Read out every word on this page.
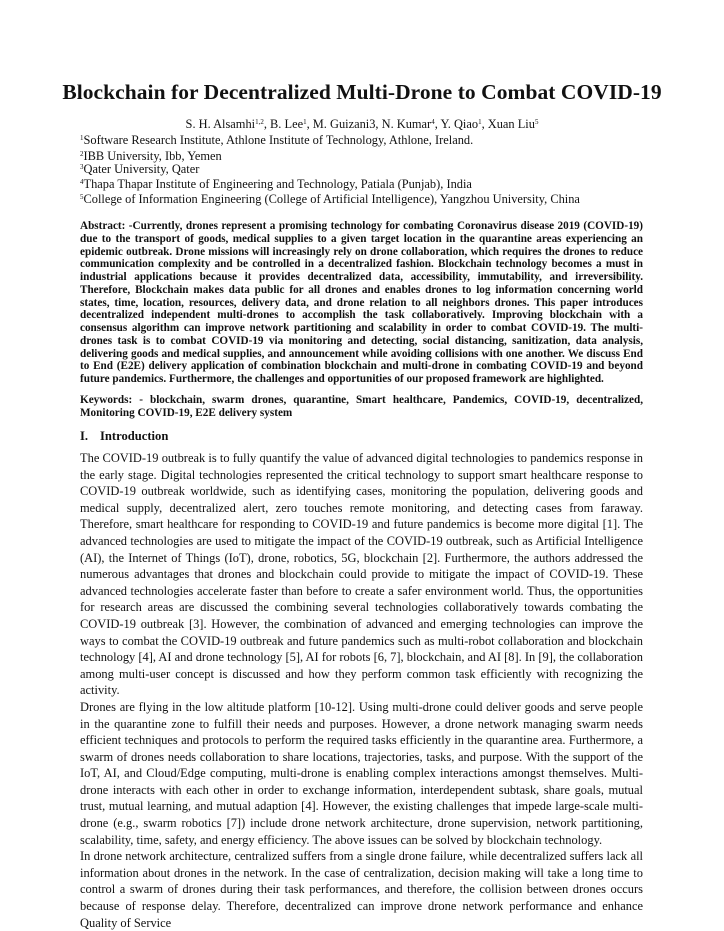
Blockchain for Decentralized Multi-Drone to Combat COVID-19
S. H. Alsamhi$^{1,2}$, B. Lee$^1$, M. Guizani3, N. Kumar$^4$, Y. Qiao$^1$, Xuan Liu$^5$
$^1$Software Research Institute, Athlone Institute of Technology, Athlone, Ireland.
$^2$IBB University, Ibb, Yemen
$^3$Qater University, Qater
$^4$Thapa Thapar Institute of Engineering and Technology, Patiala (Punjab), India
$^5$College of Information Engineering (College of Artificial Intelligence), Yangzhou University, China
Abstract: -Currently, drones represent a promising technology for combating Coronavirus disease 2019 (COVID-19) due to the transport of goods, medical supplies to a given target location in the quarantine areas experiencing an epidemic outbreak. Drone missions will increasingly rely on drone collaboration, which requires the drones to reduce communication complexity and be controlled in a decentralized fashion. Blockchain technology becomes a must in industrial applications because it provides decentralized data, accessibility, immutability, and irreversibility. Therefore, Blockchain makes data public for all drones and enables drones to log information concerning world states, time, location, resources, delivery data, and drone relation to all neighbors drones. This paper introduces decentralized independent multi-drones to accomplish the task collaboratively. Improving blockchain with a consensus algorithm can improve network partitioning and scalability in order to combat COVID-19. The multi-drones task is to combat COVID-19 via monitoring and detecting, social distancing, sanitization, data analysis, delivering goods and medical supplies, and announcement while avoiding collisions with one another. We discuss End to End (E2E) delivery application of combination blockchain and multi-drone in combating COVID-19 and beyond future pandemics. Furthermore, the challenges and opportunities of our proposed framework are highlighted.
Keywords: - blockchain, swarm drones, quarantine, Smart healthcare, Pandemics, COVID-19, decentralized, Monitoring COVID-19, E2E delivery system
I. Introduction

The COVID-19 outbreak is to fully quantify the value of advanced digital technologies to pandemics response in the early stage. Digital technologies represented the critical technology to support smart healthcare response to COVID-19 outbreak worldwide, such as identifying cases, monitoring the population, delivering goods and medical supply, decentralized alert, zero touches remote monitoring, and detecting cases from faraway. Therefore, smart healthcare for responding to COVID-19 and future pandemics is become more digital [1]. The advanced technologies are used to mitigate the impact of the COVID-19 outbreak, such as Artificial Intelligence (AI), the Internet of Things (IoT), drone, robotics, 5G, blockchain [2]. Furthermore, the authors addressed the numerous advantages that drones and blockchain could provide to mitigate the impact of COVID-19. These advanced technologies accelerate faster than before to create a safer environment world. Thus, the opportunities for research areas are discussed the combining several technologies collaboratively towards combating the COVID-19 outbreak [3]. However, the combination of advanced and emerging technologies can improve the ways to combat the COVID-19 outbreak and future pandemics such as multi-robot collaboration and blockchain technology [4], AI and drone technology [5], AI for robots [6, 7], blockchain, and AI [8]. In [9], the collaboration among multi-user concept is discussed and how they perform common task efficiently with recognizing the activity.

Drones are flying in the low altitude platform [10-12]. Using multi-drone could deliver goods and serve people in the quarantine zone to fulfill their needs and purposes. However, a drone network managing swarm needs efficient techniques and protocols to perform the required tasks efficiently in the quarantine area. Furthermore, a swarm of drones needs collaboration to share locations, trajectories, tasks, and purpose. With the support of the IoT, AI, and Cloud/Edge computing, multi-drone is enabling complex interactions amongst themselves. Multi-drone interacts with each other in order to exchange information, interdependent subtask, share goals, mutual trust, mutual learning, and mutual adaption [4]. However, the existing challenges that impede large-scale multi-drone (e.g., swarm robotics [7]) include drone network architecture, drone supervision, network partitioning, scalability, time, safety, and energy efficiency. The above issues can be solved by blockchain technology.

In drone network architecture, centralized suffers from a single drone failure, while decentralized suffers lack all information about drones in the network. In the case of centralization, decision making will take a long time to control a swarm of drones during their task performances, and therefore, the collision between drones occurs because of response delay. Therefore, decentralized can improve drone network performance and enhance Quality of Service
